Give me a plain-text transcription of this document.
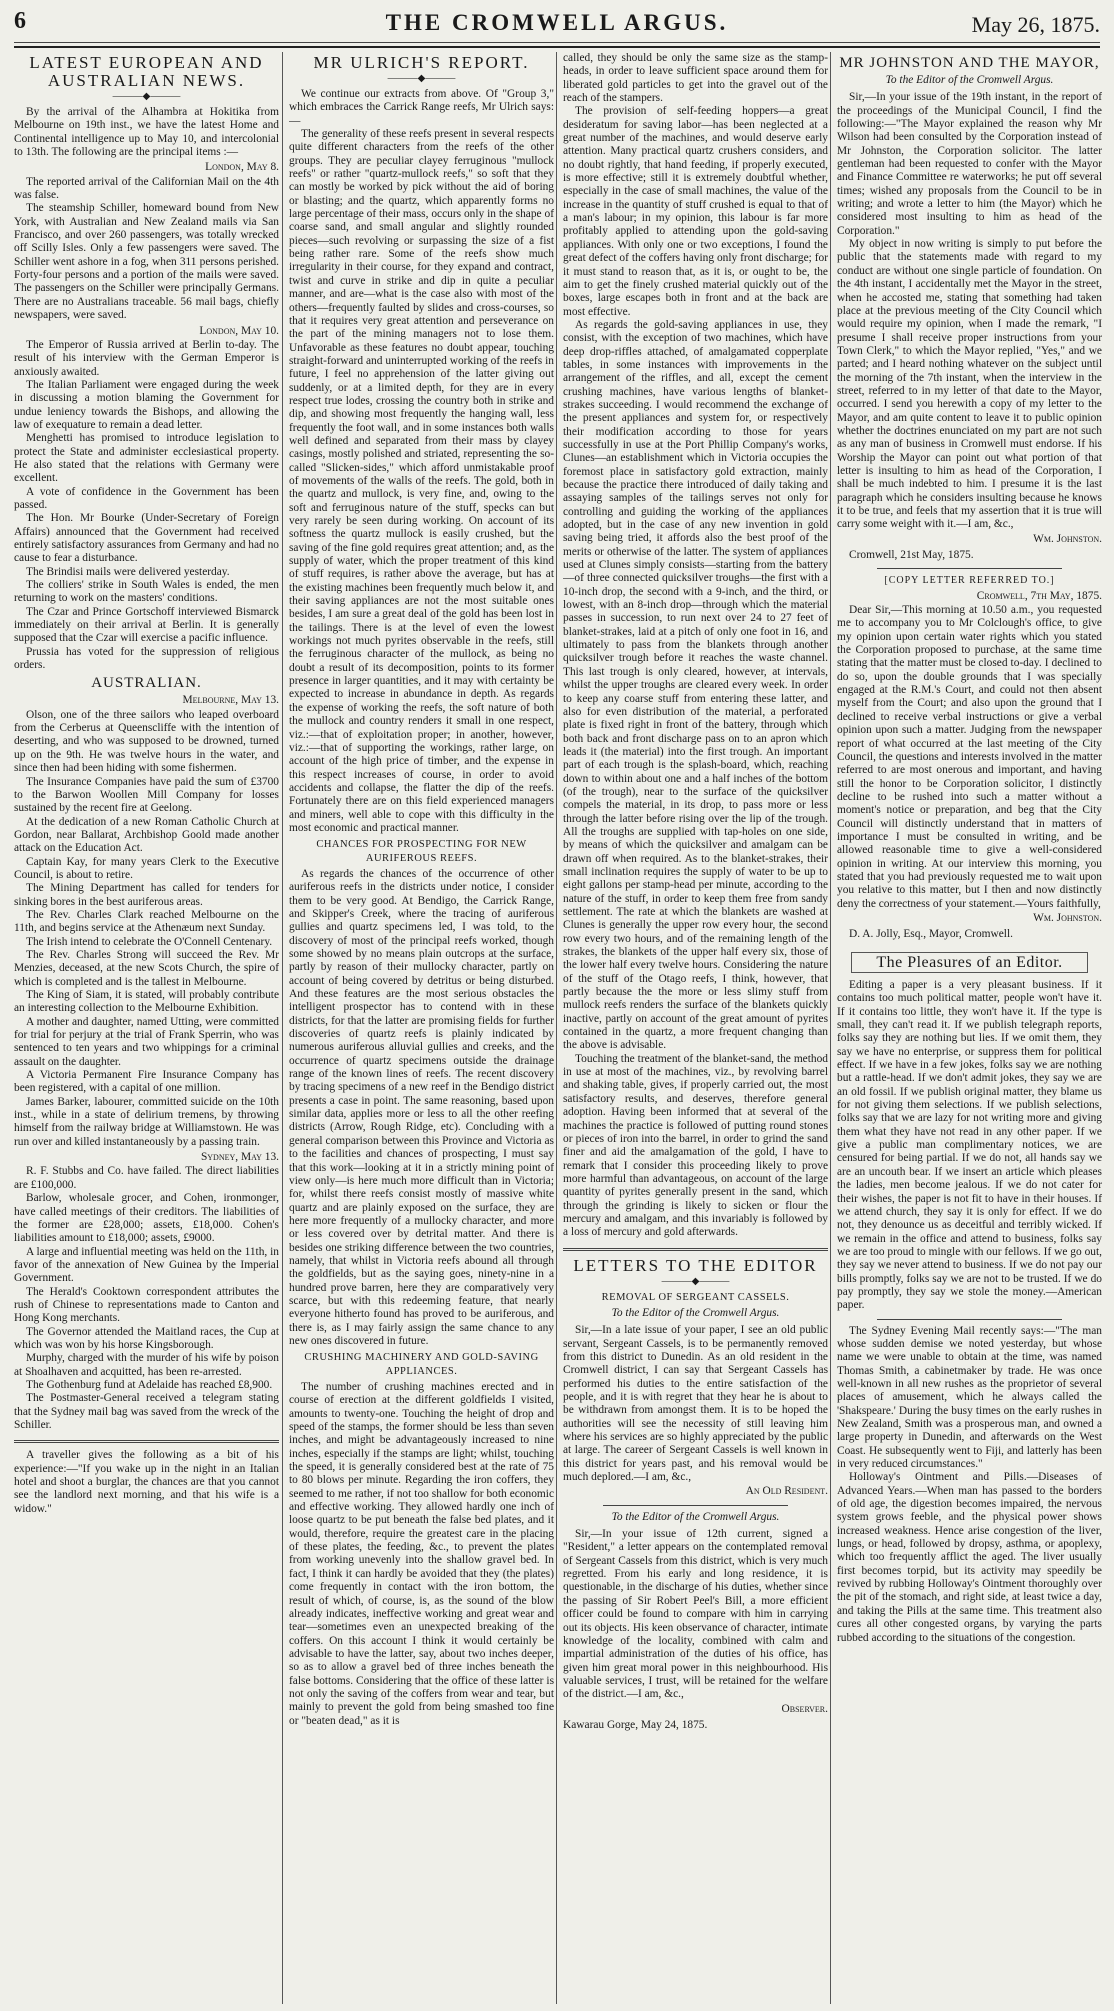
6	THE CROMWELL ARGUS.	May 26, 1875.
LATEST EUROPEAN AND AUSTRALIAN NEWS.
———◆———

By the arrival of the Alhambra at Hokitika from Melbourne on 19th inst., we have the latest Home and Continental intelligence up to May 10, and intercolonial to 13th. The following are the principal items :—

London, May 8.

The reported arrival of the Californian Mail on the 4th was false.

The steamship Schiller, homeward bound from New York, with Australian and New Zealand mails via San Francisco, and over 260 passengers, was totally wrecked off Scilly Isles. Only a few passengers were saved. The Schiller went ashore in a fog, when 311 persons perished. Forty-four persons and a portion of the mails were saved. The passengers on the Schiller were principally Germans. There are no Australians traceable. 56 mail bags, chiefly newspapers, were saved.

London, May 10.

The Emperor of Russia arrived at Berlin to-day. The result of his interview with the German Emperor is anxiously awaited.

The Italian Parliament were engaged during the week in discussing a motion blaming the Government for undue leniency towards the Bishops, and allowing the law of exequature to remain a dead letter.

Menghetti has promised to introduce legislation to protect the State and administer ecclesiastical property. He also stated that the relations with Germany were excellent.

A vote of confidence in the Government has been passed.

The Hon. Mr Bourke (Under-Secretary of Foreign Affairs) announced that the Government had received entirely satisfactory assurances from Germany and had no cause to fear a disturbance.

The Brindisi mails were delivered yesterday.

The colliers' strike in South Wales is ended, the men returning to work on the masters' conditions.

The Czar and Prince Gortschoff interviewed Bismarck immediately on their arrival at Berlin. It is generally supposed that the Czar will exercise a pacific influence.

Prussia has voted for the suppression of religious orders.

AUSTRALIAN.
Melbourne, May 13.

Olson, one of the three sailors who leaped overboard from the Cerberus at Queenscliffe with the intention of deserting, and who was supposed to be drowned, turned up on the 9th. He was twelve hours in the water, and since then had been hiding with some fishermen.

The Insurance Companies have paid the sum of £3700 to the Barwon Woollen Mill Company for losses sustained by the recent fire at Geelong.

At the dedication of a new Roman Catholic Church at Gordon, near Ballarat, Archbishop Goold made another attack on the Education Act.

Captain Kay, for many years Clerk to the Executive Council, is about to retire.

The Mining Department has called for tenders for sinking bores in the best auriferous areas.

The Rev. Charles Clark reached Melbourne on the 11th, and begins service at the Athenæum next Sunday.

The Irish intend to celebrate the O'Connell Centenary.

The Rev. Charles Strong will succeed the Rev. Mr Menzies, deceased, at the new Scots Church, the spire of which is completed and is the tallest in Melbourne.

The King of Siam, it is stated, will probably contribute an interesting collection to the Melbourne Exhibition.

A mother and daughter, named Utting, were committed for trial for perjury at the trial of Frank Sperrin, who was sentenced to ten years and two whippings for a criminal assault on the daughter.

A Victoria Permanent Fire Insurance Company has been registered, with a capital of one million.

James Barker, labourer, committed suicide on the 10th inst., while in a state of delirium tremens, by throwing himself from the railway bridge at Williamstown. He was run over and killed instantaneously by a passing train.

Sydney, May 13.

R. F. Stubbs and Co. have failed. The direct liabilities are £100,000.

Barlow, wholesale grocer, and Cohen, ironmonger, have called meetings of their creditors. The liabilities of the former are £28,000; assets, £18,000. Cohen's liabilities amount to £18,000; assets, £9000.

A large and influential meeting was held on the 11th, in favor of the annexation of New Guinea by the Imperial Government.

The Herald's Cooktown correspondent attributes the rush of Chinese to representations made to Canton and Hong Kong merchants.

The Governor attended the Maitland races, the Cup at which was won by his horse Kingsborough.

Murphy, charged with the murder of his wife by poison at Shoalhaven and acquitted, has been re-arrested.

The Gothenburg fund at Adelaide has reached £8,900.

The Postmaster-General received a telegram stating that the Sydney mail bag was saved from the wreck of the Schiller.

A traveller gives the following as a bit of his experience:—"If you wake up in the night in an Italian hotel and shoot a burglar, the chances are that you cannot see the landlord next morning, and that his wife is a widow."

MR ULRICH'S REPORT.
———◆———

We continue our extracts from above. Of "Group 3," which embraces the Carrick Range reefs, Mr Ulrich says:—

The generality of these reefs present in several respects quite different characters from the reefs of the other groups. They are peculiar clayey ferruginous "mullock reefs" or rather "quartz-mullock reefs," so soft that they can mostly be worked by pick without the aid of boring or blasting; and the quartz, which apparently forms no large percentage of their mass, occurs only in the shape of coarse sand, and small angular and slightly rounded pieces—such revolving or surpassing the size of a fist being rather rare. Some of the reefs show much irregularity in their course, for they expand and contract, twist and curve in strike and dip in quite a peculiar manner, and are—what is the case also with most of the others—frequently faulted by slides and cross-courses, so that it requires very great attention and perseverance on the part of the mining managers not to lose them. Unfavorable as these features no doubt appear, touching straight-forward and uninterrupted working of the reefs in future, I feel no apprehension of the latter giving out suddenly, or at a limited depth, for they are in every respect true lodes, crossing the country both in strike and dip, and showing most frequently the hanging wall, less frequently the foot wall, and in some instances both walls well defined and separated from their mass by clayey casings, mostly polished and striated, representing the so-called "Slicken-sides," which afford unmistakable proof of movements of the walls of the reefs. The gold, both in the quartz and mullock, is very fine, and, owing to the soft and ferruginous nature of the stuff, specks can but very rarely be seen during working. On account of its softness the quartz mullock is easily crushed, but the saving of the fine gold requires great attention; and, as the supply of water, which the proper treatment of this kind of stuff requires, is rather above the average, but has at the existing machines been frequently much below it, and their saving appliances are not the most suitable ones besides, I am sure a great deal of the gold has been lost in the tailings. There is at the level of even the lowest workings not much pyrites observable in the reefs, still the ferruginous character of the mullock, as being no doubt a result of its decomposition, points to its former presence in larger quantities, and it may with certainty be expected to increase in abundance in depth. As regards the expense of working the reefs, the soft nature of both the mullock and country renders it small in one respect, viz.:—that of exploitation proper; in another, however, viz.:—that of supporting the workings, rather large, on account of the high price of timber, and the expense in this respect increases of course, in order to avoid accidents and collapse, the flatter the dip of the reefs. Fortunately there are on this field experienced managers and miners, well able to cope with this difficulty in the most economic and practical manner.

CHANCES FOR PROSPECTING FOR NEW AURIFEROUS REEFS.

As regards the chances of the occurrence of other auriferous reefs in the districts under notice, I consider them to be very good. At Bendigo, the Carrick Range, and Skipper's Creek, where the tracing of auriferous gullies and quartz specimens led, I was told, to the discovery of most of the principal reefs worked, though some showed by no means plain outcrops at the surface, partly by reason of their mullocky character, partly on account of being covered by detritus or being disturbed. And these features are the most serious obstacles the intelligent prospector has to contend with in these districts, for that the latter are promising fields for further discoveries of quartz reefs is plainly indicated by numerous auriferous alluvial gullies and creeks, and the occurrence of quartz specimens outside the drainage range of the known lines of reefs. The recent discovery by tracing specimens of a new reef in the Bendigo district presents a case in point. The same reasoning, based upon similar data, applies more or less to all the other reefing districts (Arrow, Rough Ridge, etc). Concluding with a general comparison between this Province and Victoria as to the facilities and chances of prospecting, I must say that this work—looking at it in a strictly mining point of view only—is here much more difficult than in Victoria; for, whilst there reefs consist mostly of massive white quartz and are plainly exposed on the surface, they are here more frequently of a mullocky character, and more or less covered over by detrital matter. And there is besides one striking difference between the two countries, namely, that whilst in Victoria reefs abound all through the goldfields, but as the saying goes, ninety-nine in a hundred prove barren, here they are comparatively very scarce, but with this redeeming feature, that nearly everyone hitherto found has proved to be auriferous, and there is, as I may fairly assign the same chance to any new ones discovered in future.

CRUSHING MACHINERY AND GOLD-SAVING APPLIANCES.

The number of crushing machines erected and in course of erection at the different goldfields I visited, amounts to twenty-one. Touching the height of drop and speed of the stamps, the former should be less than seven inches, and might be advantageously increased to nine inches, especially if the stamps are light; whilst, touching the speed, it is generally considered best at the rate of 75 to 80 blows per minute. Regarding the iron coffers, they seemed to me rather, if not too shallow for both economic and effective working. They allowed hardly one inch of loose quartz to be put beneath the false bed plates, and it would, therefore, require the greatest care in the placing of these plates, the feeding, &c., to prevent the plates from working unevenly into the shallow gravel bed. In fact, I think it can hardly be avoided that they (the plates) come frequently in contact with the iron bottom, the result of which, of course, is, as the sound of the blow already indicates, ineffective working and great wear and tear—sometimes even an unexpected breaking of the coffers. On this account I think it would certainly be advisable to have the latter, say, about two inches deeper, so as to allow a gravel bed of three inches beneath the false bottoms. Considering that the office of these latter is not only the saving of the coffers from wear and tear, but mainly to prevent the gold from being smashed too fine or "beaten dead," as it is

called, they should be only the same size as the stamp-heads, in order to leave sufficient space around them for liberated gold particles to get into the gravel out of the reach of the stampers.

The provision of self-feeding hoppers—a great desideratum for saving labor—has been neglected at a great number of the machines, and would deserve early attention. Many practical quartz crushers considers, and no doubt rightly, that hand feeding, if properly executed, is more effective; still it is extremely doubtful whether, especially in the case of small machines, the value of the increase in the quantity of stuff crushed is equal to that of a man's labour; in my opinion, this labour is far more profitably applied to attending upon the gold-saving appliances. With only one or two exceptions, I found the great defect of the coffers having only front discharge; for it must stand to reason that, as it is, or ought to be, the aim to get the finely crushed material quickly out of the boxes, large escapes both in front and at the back are most effective.

As regards the gold-saving appliances in use, they consist, with the exception of two machines, which have deep drop-riffles attached, of amalgamated copperplate tables, in some instances with improvements in the arrangement of the riffles, and all, except the cement crushing machines, have various lengths of blanket-strakes succeeding. I would recommend the exchange of the present appliances and system for, or respectively their modification according to those for years successfully in use at the Port Phillip Company's works, Clunes—an establishment which in Victoria occupies the foremost place in satisfactory gold extraction, mainly because the practice there introduced of daily taking and assaying samples of the tailings serves not only for controlling and guiding the working of the appliances adopted, but in the case of any new invention in gold saving being tried, it affords also the best proof of the merits or otherwise of the latter. The system of appliances used at Clunes simply consists—starting from the battery—of three connected quicksilver troughs—the first with a 10-inch drop, the second with a 9-inch, and the third, or lowest, with an 8-inch drop—through which the material passes in succession, to run next over 24 to 27 feet of blanket-strakes, laid at a pitch of only one foot in 16, and ultimately to pass from the blankets through another quicksilver trough before it reaches the waste channel. This last trough is only cleared, however, at intervals, whilst the upper troughs are cleared every week. In order to keep any coarse stuff from entering these latter, and also for even distribution of the material, a perforated plate is fixed right in front of the battery, through which both back and front discharge pass on to an apron which leads it (the material) into the first trough. An important part of each trough is the splash-board, which, reaching down to within about one and a half inches of the bottom (of the trough), near to the surface of the quicksilver compels the material, in its drop, to pass more or less through the latter before rising over the lip of the trough. All the troughs are supplied with tap-holes on one side, by means of which the quicksilver and amalgam can be drawn off when required. As to the blanket-strakes, their small inclination requires the supply of water to be up to eight gallons per stamp-head per minute, according to the nature of the stuff, in order to keep them free from sandy settlement. The rate at which the blankets are washed at Clunes is generally the upper row every hour, the second row every two hours, and of the remaining length of the strakes, the blankets of the upper half every six, those of the lower half every twelve hours. Considering the nature of the stuff of the Otago reefs, I think, however, that partly because the the more or less slimy stuff from mullock reefs renders the surface of the blankets quickly inactive, partly on account of the great amount of pyrites contained in the quartz, a more frequent changing than the above is advisable.

Touching the treatment of the blanket-sand, the method in use at most of the machines, viz., by revolving barrel and shaking table, gives, if properly carried out, the most satisfactory results, and deserves, therefore general adoption. Having been informed that at several of the machines the practice is followed of putting round stones or pieces of iron into the barrel, in order to grind the sand finer and aid the amalgamation of the gold, I have to remark that I consider this proceeding likely to prove more harmful than advantageous, on account of the large quantity of pyrites generally present in the sand, which through the grinding is likely to sicken or flour the mercury and amalgam, and this invariably is followed by a loss of mercury and gold afterwards.

LETTERS TO THE EDITOR
———◆———
REMOVAL OF SERGEANT CASSELS.
To the Editor of the Cromwell Argus.

Sir,—In a late issue of your paper, I see an old public servant, Sergeant Cassels, is to be permanently removed from this district to Dunedin. As an old resident in the Cromwell district, I can say that Sergeant Cassels has performed his duties to the entire satisfaction of the people, and it is with regret that they hear he is about to be withdrawn from amongst them. It is to be hoped the authorities will see the necessity of still leaving him where his services are so highly appreciated by the public at large. The career of Sergeant Cassels is well known in this district for years past, and his removal would be much deplored.—I am, &c.,

An Old Resident.
To the Editor of the Cromwell Argus.

Sir,—In your issue of 12th current, signed a "Resident," a letter appears on the contemplated removal of Sergeant Cassels from this district, which is very much regretted. From his early and long residence, it is questionable, in the discharge of his duties, whether since the passing of Sir Robert Peel's Bill, a more efficient officer could be found to compare with him in carrying out its objects. His keen observance of character, intimate knowledge of the locality, combined with calm and impartial administration of the duties of his office, has given him great moral power in this neighbourhood. His valuable services, I trust, will be retained for the welfare of the district.—I am, &c.,

Observer.

Kawarau Gorge, May 24, 1875.

MR JOHNSTON AND THE MAYOR,
To the Editor of the Cromwell Argus.

Sir,—In your issue of the 19th instant, in the report of the proceedings of the Municipal Council, I find the following:—"The Mayor explained the reason why Mr Wilson had been consulted by the Corporation instead of Mr Johnston, the Corporation solicitor. The latter gentleman had been requested to confer with the Mayor and Finance Committee re waterworks; he put off several times; wished any proposals from the Council to be in writing; and wrote a letter to him (the Mayor) which he considered most insulting to him as head of the Corporation."

My object in now writing is simply to put before the public that the statements made with regard to my conduct are without one single particle of foundation. On the 4th instant, I accidentally met the Mayor in the street, when he accosted me, stating that something had taken place at the previous meeting of the City Council which would require my opinion, when I made the remark, "I presume I shall receive proper instructions from your Town Clerk," to which the Mayor replied, "Yes," and we parted; and I heard nothing whatever on the subject until the morning of the 7th instant, when the interview in the street, referred to in my letter of that date to the Mayor, occurred. I send you herewith a copy of my letter to the Mayor, and am quite content to leave it to public opinion whether the doctrines enunciated on my part are not such as any man of business in Cromwell must endorse. If his Worship the Mayor can point out what portion of that letter is insulting to him as head of the Corporation, I shall be much indebted to him. I presume it is the last paragraph which he considers insulting because he knows it to be true, and feels that my assertion that it is true will carry some weight with it.—I am, &c.,

Wm. Johnston.

Cromwell, 21st May, 1875.

[COPY LETTER REFERRED TO.]
Cromwell, 7th May, 1875.

Dear Sir,—This morning at 10.50 a.m., you requested me to accompany you to Mr Colclough's office, to give my opinion upon certain water rights which you stated the Corporation proposed to purchase, at the same time stating that the matter must be closed to-day. I declined to do so, upon the double grounds that I was specially engaged at the R.M.'s Court, and could not then absent myself from the Court; and also upon the ground that I declined to receive verbal instructions or give a verbal opinion upon such a matter. Judging from the newspaper report of what occurred at the last meeting of the City Council, the questions and interests involved in the matter referred to are most onerous and important, and having still the honor to be Corporation solicitor, I distinctly decline to be rushed into such a matter without a moment's notice or preparation, and beg that the City Council will distinctly understand that in matters of importance I must be consulted in writing, and be allowed reasonable time to give a well-considered opinion in writing. At our interview this morning, you stated that you had previously requested me to wait upon you relative to this matter, but I then and now distinctly deny the correctness of your statement.—Yours faithfully,

Wm. Johnston.

D. A. Jolly, Esq., Mayor, Cromwell.

The Pleasures of an Editor.

Editing a paper is a very pleasant business. If it contains too much political matter, people won't have it. If it contains too little, they won't have it. If the type is small, they can't read it. If we publish telegraph reports, folks say they are nothing but lies. If we omit them, they say we have no enterprise, or suppress them for political effect. If we have in a few jokes, folks say we are nothing but a rattle-head. If we don't admit jokes, they say we are an old fossil. If we publish original matter, they blame us for not giving them selections. If we publish selections, folks say that we are lazy for not writing more and giving them what they have not read in any other paper. If we give a public man complimentary notices, we are censured for being partial. If we do not, all hands say we are an uncouth bear. If we insert an article which pleases the ladies, men become jealous. If we do not cater for their wishes, the paper is not fit to have in their houses. If we attend church, they say it is only for effect. If we do not, they denounce us as deceitful and terribly wicked. If we remain in the office and attend to business, folks say we are too proud to mingle with our fellows. If we go out, they say we never attend to business. If we do not pay our bills promptly, folks say we are not to be trusted. If we do pay promptly, they say we stole the money.—American paper.

The Sydney Evening Mail recently says:—"The man whose sudden demise we noted yesterday, but whose name we were unable to obtain at the time, was named Thomas Smith, a cabinetmaker by trade. He was once well-known in all new rushes as the proprietor of several places of amusement, which he always called the 'Shakspeare.' During the busy times on the early rushes in New Zealand, Smith was a prosperous man, and owned a large property in Dunedin, and afterwards on the West Coast. He subsequently went to Fiji, and latterly has been in very reduced circumstances."

Holloway's Ointment and Pills.—Diseases of Advanced Years.—When man has passed to the borders of old age, the digestion becomes impaired, the nervous system grows feeble, and the physical power shows increased weakness. Hence arise congestion of the liver, lungs, or head, followed by dropsy, asthma, or apoplexy, which too frequently afflict the aged. The liver usually first becomes torpid, but its activity may speedily be revived by rubbing Holloway's Ointment thoroughly over the pit of the stomach, and right side, at least twice a day, and taking the Pills at the same time. This treatment also cures all other congested organs, by varying the parts rubbed according to the situations of the congestion.
